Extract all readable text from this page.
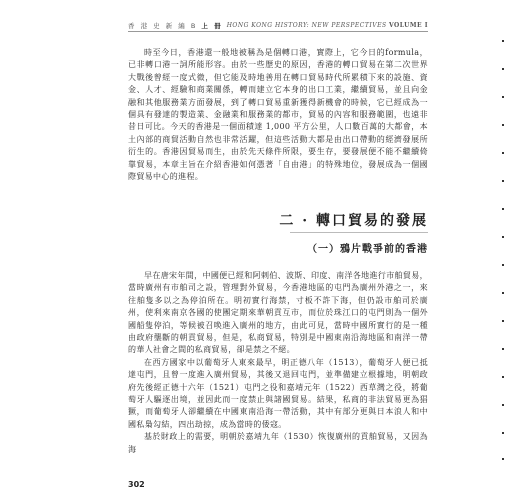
香 港 史 新 編 B 上 冊 HONG KONG HISTORY: NEW PERSPECTIVES VOLUME I

時至今日，香港還一般地被稱為是個轉口港，實際上，它今日的formula，已非轉口港一詞所能形容。由於一些歷史的原因，香港的轉口貿易在第二次世界大戰後曾經一度式微，但它能及時地善用在轉口貿易時代所累積下來的設施、資金、人才、經驗和商業關係，轉而建立它本身的出口工業，繼續貿易，並且向金融和其他服務業方面發展，到了轉口貿易重新獲得新機會的時候，它已經成為一個具有發達的製造業、金融業和服務業的都市，貿易的內容和服務範圍，也遠非昔日可比。今天的香港是一個面積達 1,000 平方公里，人口數百萬的大都會，本土內部的商貿活動自然也非常活躍，但這些活動大都是由出口帶動的經濟發展所衍生的。香港因貿易而生，由於先天條件所限，要生存，要發展便不能不繼續倚靠貿易，本章主旨在介紹香港如何憑著「自由港」的特殊地位，發展成為一個國際貿易中心的進程。

二 · 轉口貿易的發展
（一）鴉片戰爭前的香港

早在唐宋年間，中國便已經和阿剌伯、波斯、印度、南洋各地進行市舶貿易，當時廣州有市舶司之設，管理對外貿易，今香港地區的屯門為廣州外港之一，來往舶隻多以之為停泊所在。明初實行海禁，寸板不許下海，但仍設市舶司於廣州，使利來南京各國的使團定期來華朝貢互市，而位於珠江口的屯門則為一個外國船隻停泊，等候被召唤進入廣州的地方，由此可見，當時中國所實行的是一種由政府壟斷的朝貢貿易，但是，私商貿易，特別是中國東南沿海地區和南洋一帶的華人社會之間的私商貿易，卻是禁之不絕。

在西方國家中以葡萄牙人東來最早，明正德八年（1513），葡萄牙人便已抵達屯門，且曾一度進入廣州貿易，其後又退回屯門，並準備建立根據地，明朝政府先後經正德十六年（1521）屯門之役和嘉靖元年（1522）西草灣之役，將葡萄牙人驅逐出境，並因此而一度禁止與諸國貿易。結果，私商的非法貿易更為猖獗，而葡萄牙人卻繼續在中國東南沿海一帶活動，其中有部分更與日本浪人和中國私梟勾結，四出劫掠，成為當時的倭寇。

基於財政上的需要，明朝於嘉靖九年（1530）恢復廣州的貢舶貿易，又因為海

302
